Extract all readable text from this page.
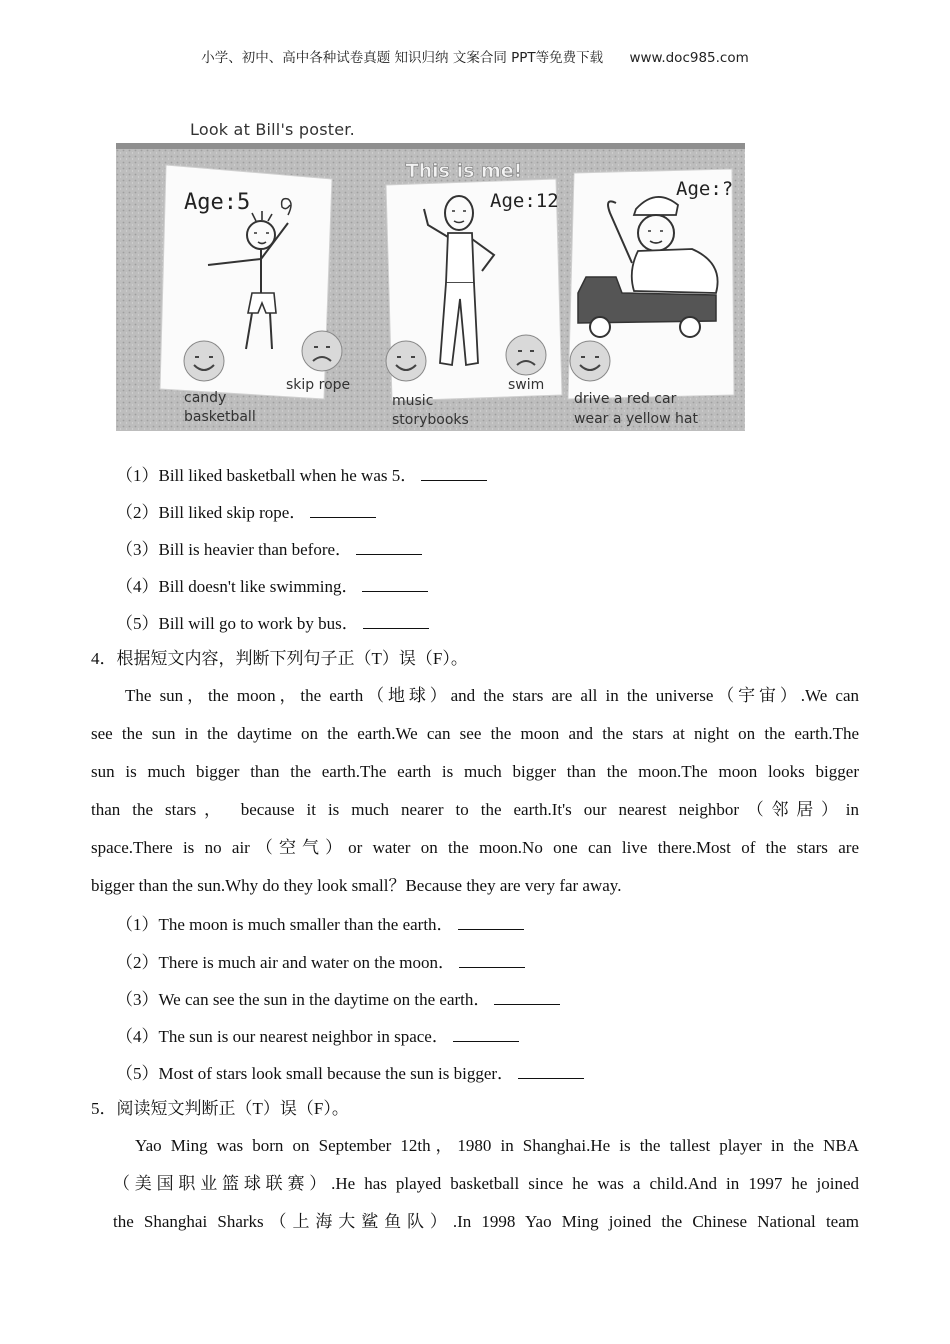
小学、初中、高中各种试卷真题 知识归纳 文案合同 PPT等免费下载 www.doc985.com
Look at Bill's poster.
This is me!
Age:5
candy
basketball
skip rope
Age:12
music
storybooks
swim
Age:?
drive a red car
wear a yellow hat
（1）Bill liked basketball when he was 5．
（2）Bill liked skip rope．
（3）Bill is heavier than before．
（4）Bill doesn't like swimming．
（5）Bill will go to work by bus．
4．根据短文内容，判断下列句子正（T）误（F）。
The sun，the moon，the earth（地球）and the stars are all in the universe（宇宙）.We can
see the sun in the daytime on the earth.We can see the moon and the stars at night on the earth.The
sun is much bigger than the earth.The earth is much bigger than the moon.The moon looks bigger
than the stars， because it is much nearer to the earth.It's our nearest neighbor（邻居）in
space.There is no air（空气）or water on the moon.No one can live there.Most of the stars are
bigger than the sun.Why do they look small？Because they are very far away.
（1）The moon is much smaller than the earth．
（2）There is much air and water on the moon．
（3）We can see the sun in the daytime on the earth．
（4）The sun is our nearest neighbor in space．
（5）Most of stars look small because the sun is bigger．
5．阅读短文判断正（T）误（F）。
Yao Ming was born on September 12th，1980 in Shanghai.He is the tallest player in the NBA
（美国职业篮球联赛）.He has played basketball since he was a child.And in 1997 he joined
the Shanghai Sharks（上海大鲨鱼队）.In 1998 Yao Ming joined the Chinese National team
